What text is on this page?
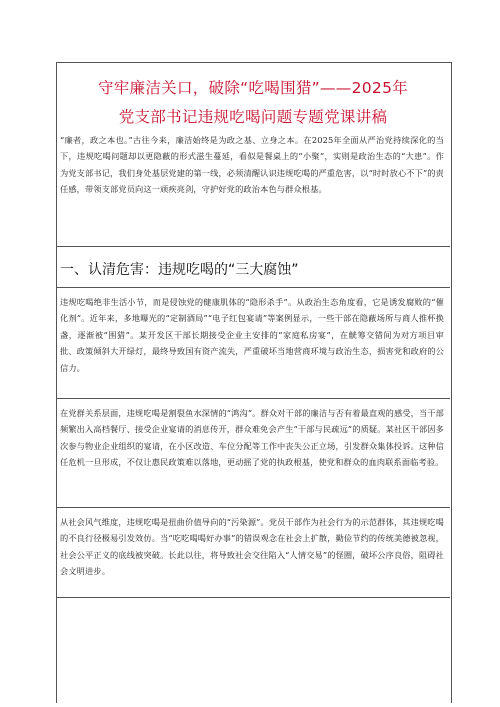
守牢廉洁关口，破除“吃喝围猎”——2025年
党支部书记违规吃喝问题专题党课讲稿
“廉者，政之本也。”古往今来，廉洁始终是为政之基、立身之本。在2025年全面从严治党持续深化的当下，违规吃喝问题却以更隐蔽的形式滋生蔓延，看似是餐桌上的“小聚”，实则是政治生态的“大患”。作为党支部书记，我们身处基层党建的第一线，必须清醒认识违规吃喝的严重危害，以“时时放心不下”的责任感，带领支部党员向这一顽疾亮剑，守护好党的政治本色与群众根基。
一、认清危害：违规吃喝的“三大腐蚀”
违规吃喝绝非生活小节，而是侵蚀党的健康肌体的“隐形杀手”。从政治生态角度看，它是诱发腐败的“催化剂”。近年来，多地曝光的“定制酒局”“电子红包宴请”等案例显示，一些干部在隐蔽场所与商人推杯换盏，逐渐被“围猎”。某开发区干部长期接受企业主安排的“家庭私房宴”，在觥筹交错间为对方项目审批、政策倾斜大开绿灯，最终导致国有资产流失，严重破坏当地营商环境与政治生态，损害党和政府的公信力。
在党群关系层面，违规吃喝是割裂鱼水深情的“鸿沟”。群众对干部的廉洁与否有着最直观的感受，当干部频繁出入高档餐厅、接受企业宴请的消息传开，群众难免会产生“干部与民疏远”的质疑。某社区干部因多次参与物业企业组织的宴请，在小区改造、车位分配等工作中丧失公正立场，引发群众集体投诉。这种信任危机一旦形成，不仅让惠民政策难以落地，更动摇了党的执政根基，使党和群众的血肉联系面临考验。
从社会风气维度，违规吃喝是扭曲价值导向的“污染源”。党员干部作为社会行为的示范群体，其违规吃喝的不良行径极易引发效仿。当“吃吃喝喝好办事”的错误观念在社会上扩散，勤俭节约的传统美德被忽视，社会公平正义的底线被突破。长此以往，将导致社会交往陷入“人情交易”的怪圈，破坏公序良俗，阻碍社会文明进步。
